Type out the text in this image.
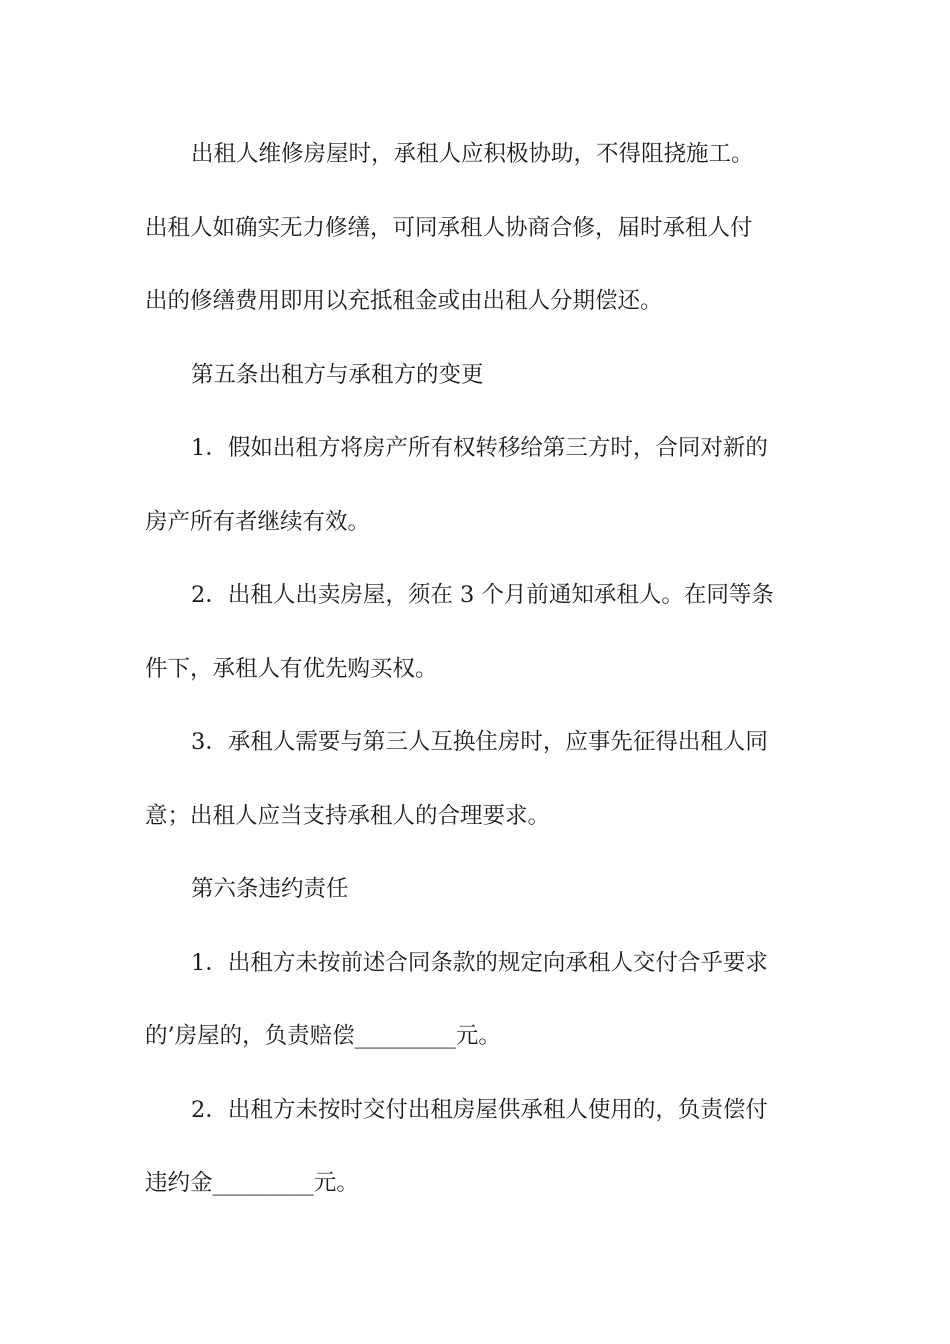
出租人维修房屋时，承租人应积极协助，不得阻挠施工。
出租人如确实无力修缮，可同承租人协商合修，届时承租人付
出的修缮费用即用以充抵租金或由出租人分期偿还。
第五条出租方与承租方的变更
1．假如出租方将房产所有权转移给第三方时，合同对新的
房产所有者继续有效。
2．出租人出卖房屋，须在 3 个月前通知承租人。在同等条
件下，承租人有优先购买权。
3．承租人需要与第三人互换住房时，应事先征得出租人同
意；出租人应当支持承租人的合理要求。
第六条违约责任
1．出租方未按前述合同条款的规定向承租人交付合乎要求
的’房屋的，负责赔偿_________元。
2．出租方未按时交付出租房屋供承租人使用的，负责偿付
违约金_________元。
